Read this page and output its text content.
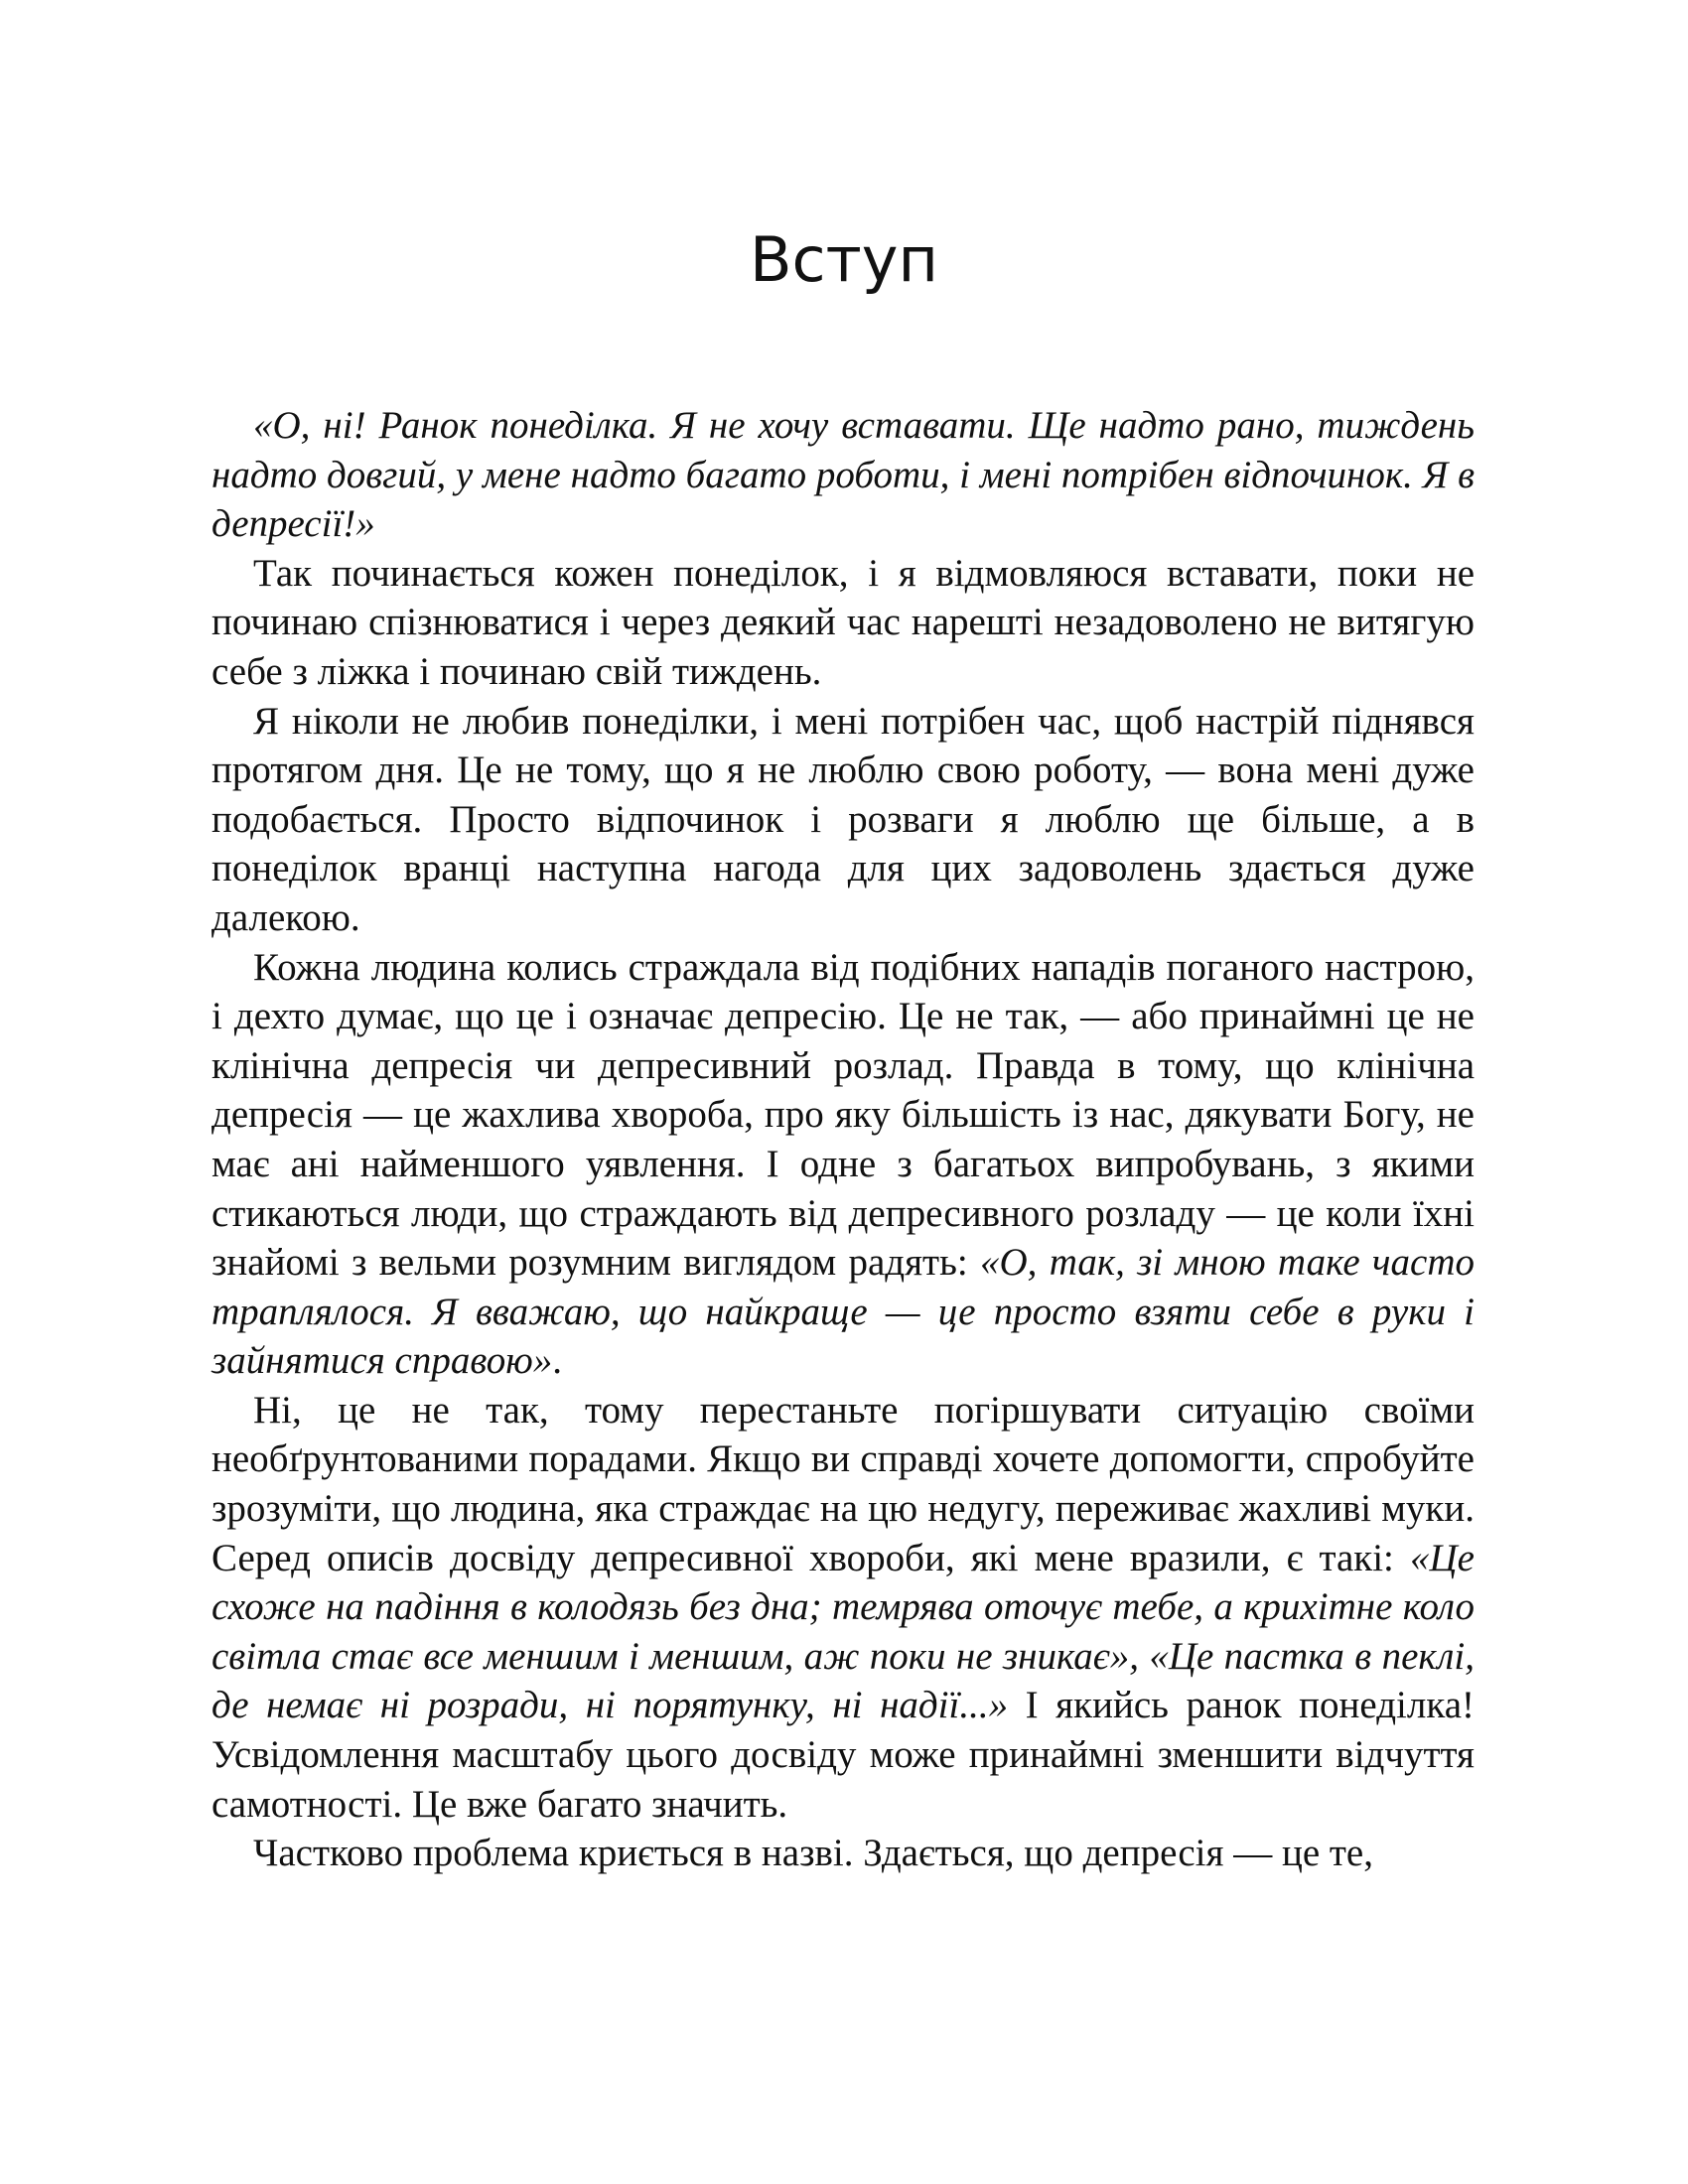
Вступ

«О, ні! Ранок понеділка. Я не хочу вставати. Ще надто рано, тиждень надто довгий, у мене надто багато роботи, і мені потрібен відпочинок. Я в депресії!»

Так починається кожен понеділок, і я відмовляюся вставати, поки не починаю спізнюватися і через деякий час нарешті незадоволено не витягую себе з ліжка і починаю свій тиждень.

Я ніколи не любив понеділки, і мені потрібен час, щоб настрій піднявся протягом дня. Це не тому, що я не люблю свою роботу, — вона мені дуже подобається. Просто відпочинок і розваги я люблю ще більше, а в понеділок вранці наступна нагода для цих задоволень здається дуже далекою.

Кожна людина колись страждала від подібних нападів поганого настрою, і дехто думає, що це і означає депресію. Це не так, — або принаймні це не клінічна депресія чи депресивний розлад. Правда в тому, що клінічна депресія — це жахлива хвороба, про яку більшість із нас, дякувати Богу, не має ані найменшого уявлення. І одне з багатьох випробувань, з якими стикаються люди, що страждають від депресивного розладу — це коли їхні знайомі з вельми розумним виглядом радять: «О, так, зі мною таке часто траплялося. Я вважаю, що найкраще — це просто взяти себе в руки і зайнятися справою».

Ні, це не так, тому перестаньте погіршувати ситуацію своїми необґрунтованими порадами. Якщо ви справді хочете допомогти, спробуйте зрозуміти, що людина, яка страждає на цю недугу, переживає жахливі муки. Серед описів досвіду депресивної хвороби, які мене вразили, є такі: «Це схоже на падіння в колодязь без дна; темрява оточує тебе, а крихітне коло світла стає все меншим і меншим, аж поки не зникає», «Це пастка в пеклі, де немає ні розради, ні порятунку, ні надії...» І якийсь ранок понеділка! Усвідомлення масштабу цього досвіду може принаймні зменшити відчуття самотності. Це вже багато значить.

Частково проблема криється в назві. Здається, що депресія — це те,
